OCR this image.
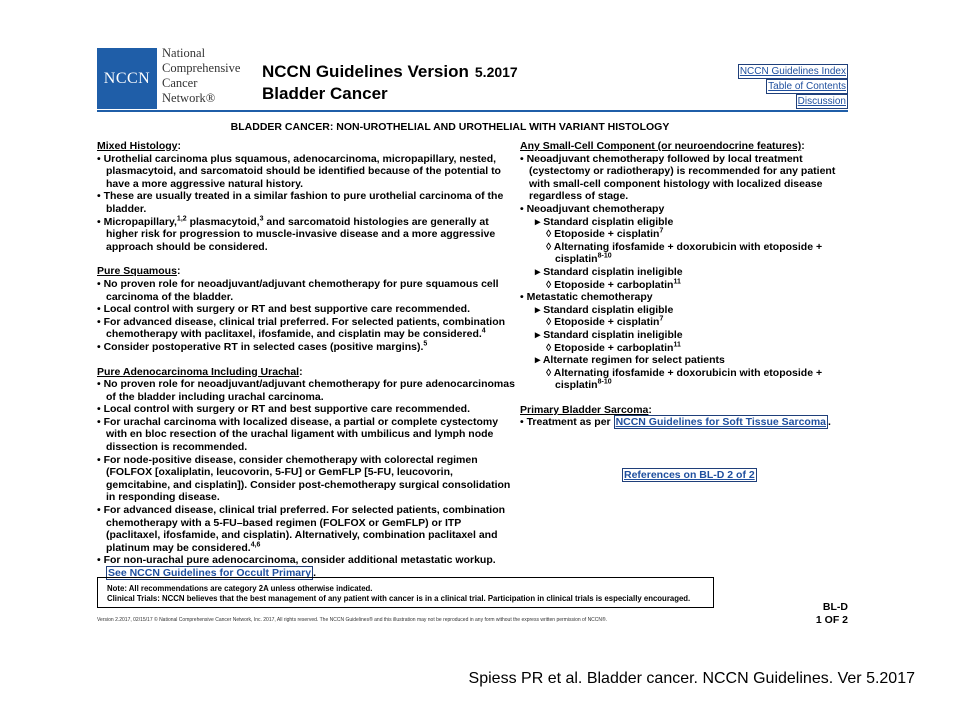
NCCN
National
Comprehensive
Cancer
Network®
NCCN Guidelines Version 5.2017
Bladder Cancer
NCCN Guidelines Index
Table of Contents
Discussion
BLADDER CANCER: NON-UROTHELIAL AND UROTHELIAL WITH VARIANT HISTOLOGY
Mixed Histology:
• Urothelial carcinoma plus squamous, adenocarcinoma, micropapillary, nested, plasmacytoid, and sarcomatoid should be identified because of the potential to have a more aggressive natural history.
• These are usually treated in a similar fashion to pure urothelial carcinoma of the bladder.
• Micropapillary,$^{1,2}$ plasmacytoid,$^3$ and sarcomatoid histologies are generally at higher risk for progression to muscle-invasive disease and a more aggressive approach should be considered.
Pure Squamous:
• No proven role for neoadjuvant/adjuvant chemotherapy for pure squamous cell carcinoma of the bladder.
• Local control with surgery or RT and best supportive care recommended.
• For advanced disease, clinical trial preferred. For selected patients, combination chemotherapy with paclitaxel, ifosfamide, and cisplatin may be considered.$^4$
• Consider postoperative RT in selected cases (positive margins).$^5$
Pure Adenocarcinoma Including Urachal:
• No proven role for neoadjuvant/adjuvant chemotherapy for pure adenocarcinomas of the bladder including urachal carcinoma.
• Local control with surgery or RT and best supportive care recommended.
• For urachal carcinoma with localized disease, a partial or complete cystectomy with en bloc resection of the urachal ligament with umbilicus and lymph node dissection is recommended.
• For node-positive disease, consider chemotherapy with colorectal regimen (FOLFOX [oxaliplatin, leucovorin, 5-FU] or GemFLP [5-FU, leucovorin, gemcitabine, and cisplatin]). Consider post-chemotherapy surgical consolidation in responding disease.
• For advanced disease, clinical trial preferred. For selected patients, combination chemotherapy with a 5-FU–based regimen (FOLFOX or GemFLP) or ITP (paclitaxel, ifosfamide, and cisplatin). Alternatively, combination paclitaxel and platinum may be considered.$^{4,6}$
• For non-urachal pure adenocarcinoma, consider additional metastatic workup. See NCCN Guidelines for Occult Primary .
Any Small-Cell Component (or neuroendocrine features):
• Neoadjuvant chemotherapy followed by local treatment (cystectomy or radiotherapy) is recommended for any patient with small-cell component histology with localized disease regardless of stage.
• Neoadjuvant chemotherapy
▸ Standard cisplatin eligible
◊ Etoposide + cisplatin$^7$
◊ Alternating ifosfamide + doxorubicin with etoposide + cisplatin$^{8-10}$
▸ Standard cisplatin ineligible
◊ Etoposide + carboplatin$^{11}$
• Metastatic chemotherapy
▸ Standard cisplatin eligible
◊ Etoposide + cisplatin$^7$
▸ Standard cisplatin ineligible
◊ Etoposide + carboplatin$^{11}$
▸ Alternate regimen for select patients
◊ Alternating ifosfamide + doxorubicin with etoposide + cisplatin$^{8-10}$
Primary Bladder Sarcoma:
• Treatment as per NCCN Guidelines for Soft Tissue Sarcoma .
References on BL-D 2 of 2
Note: All recommendations are category 2A unless otherwise indicated.
Clinical Trials: NCCN believes that the best management of any patient with cancer is in a clinical trial. Participation in clinical trials is especially encouraged.
BL-D
1 OF 2
Version 2.2017, 02/15/17 © National Comprehensive Cancer Network, Inc. 2017, All rights reserved. The NCCN Guidelines® and this illustration may not be reproduced in any form without the express written permission of NCCN®.
Spiess PR et al. Bladder cancer. NCCN Guidelines. Ver 5.2017
